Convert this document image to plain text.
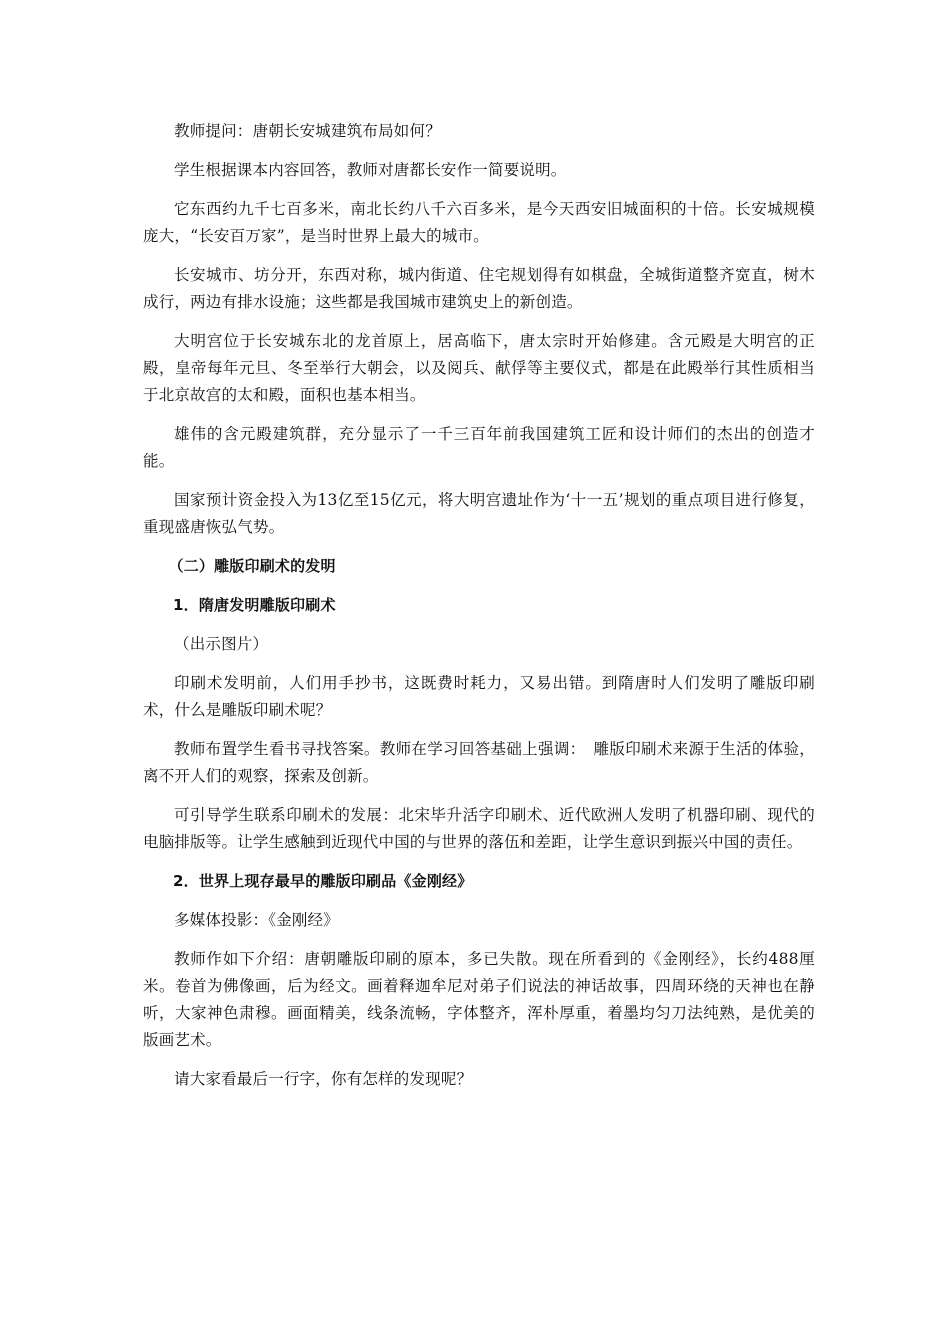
教师提问：唐朝长安城建筑布局如何？

学生根据课本内容回答，教师对唐都长安作一简要说明。

它东西约九千七百多米，南北长约八千六百多米，是今天西安旧城面积的十倍。长安城规模庞大，“长安百万家”，是当时世界上最大的城市。

长安城市、坊分开，东西对称，城内街道、住宅规划得有如棋盘，全城街道整齐宽直，树木成行，两边有排水设施；这些都是我国城市建筑史上的新创造。

大明宫位于长安城东北的龙首原上，居高临下，唐太宗时开始修建。含元殿是大明宫的正殿，皇帝每年元旦、冬至举行大朝会，以及阅兵、献俘等主要仪式，都是在此殿举行其性质相当于北京故宫的太和殿，面积也基本相当。

雄伟的含元殿建筑群，充分显示了一千三百年前我国建筑工匠和设计师们的杰出的创造才能。

国家预计资金投入为13亿至15亿元，将大明宫遗址作为‘十一五’规划的重点项目进行修复，重现盛唐恢弘气势。

（二）雕版印刷术的发明

1．隋唐发明雕版印刷术

（出示图片）

印刷术发明前，人们用手抄书，这既费时耗力，又易出错。到隋唐时人们发明了雕版印刷术，什么是雕版印刷术呢？

教师布置学生看书寻找答案。教师在学习回答基础上强调：　雕版印刷术来源于生活的体验，离不开人们的观察，探索及创新。

可引导学生联系印刷术的发展：北宋毕升活字印刷术、近代欧洲人发明了机器印刷、现代的电脑排版等。让学生感触到近现代中国的与世界的落伍和差距，让学生意识到振兴中国的责任。

2．世界上现存最早的雕版印刷品《金刚经》

多媒体投影：《金刚经》

教师作如下介绍：唐朝雕版印刷的原本，多已失散。现在所看到的《金刚经》，长约488厘米。卷首为佛像画，后为经文。画着释迦牟尼对弟子们说法的神话故事，四周环绕的天神也在静听，大家神色肃穆。画面精美，线条流畅，字体整齐，浑朴厚重，着墨均匀刀法纯熟，是优美的版画艺术。

请大家看最后一行字，你有怎样的发现呢？
